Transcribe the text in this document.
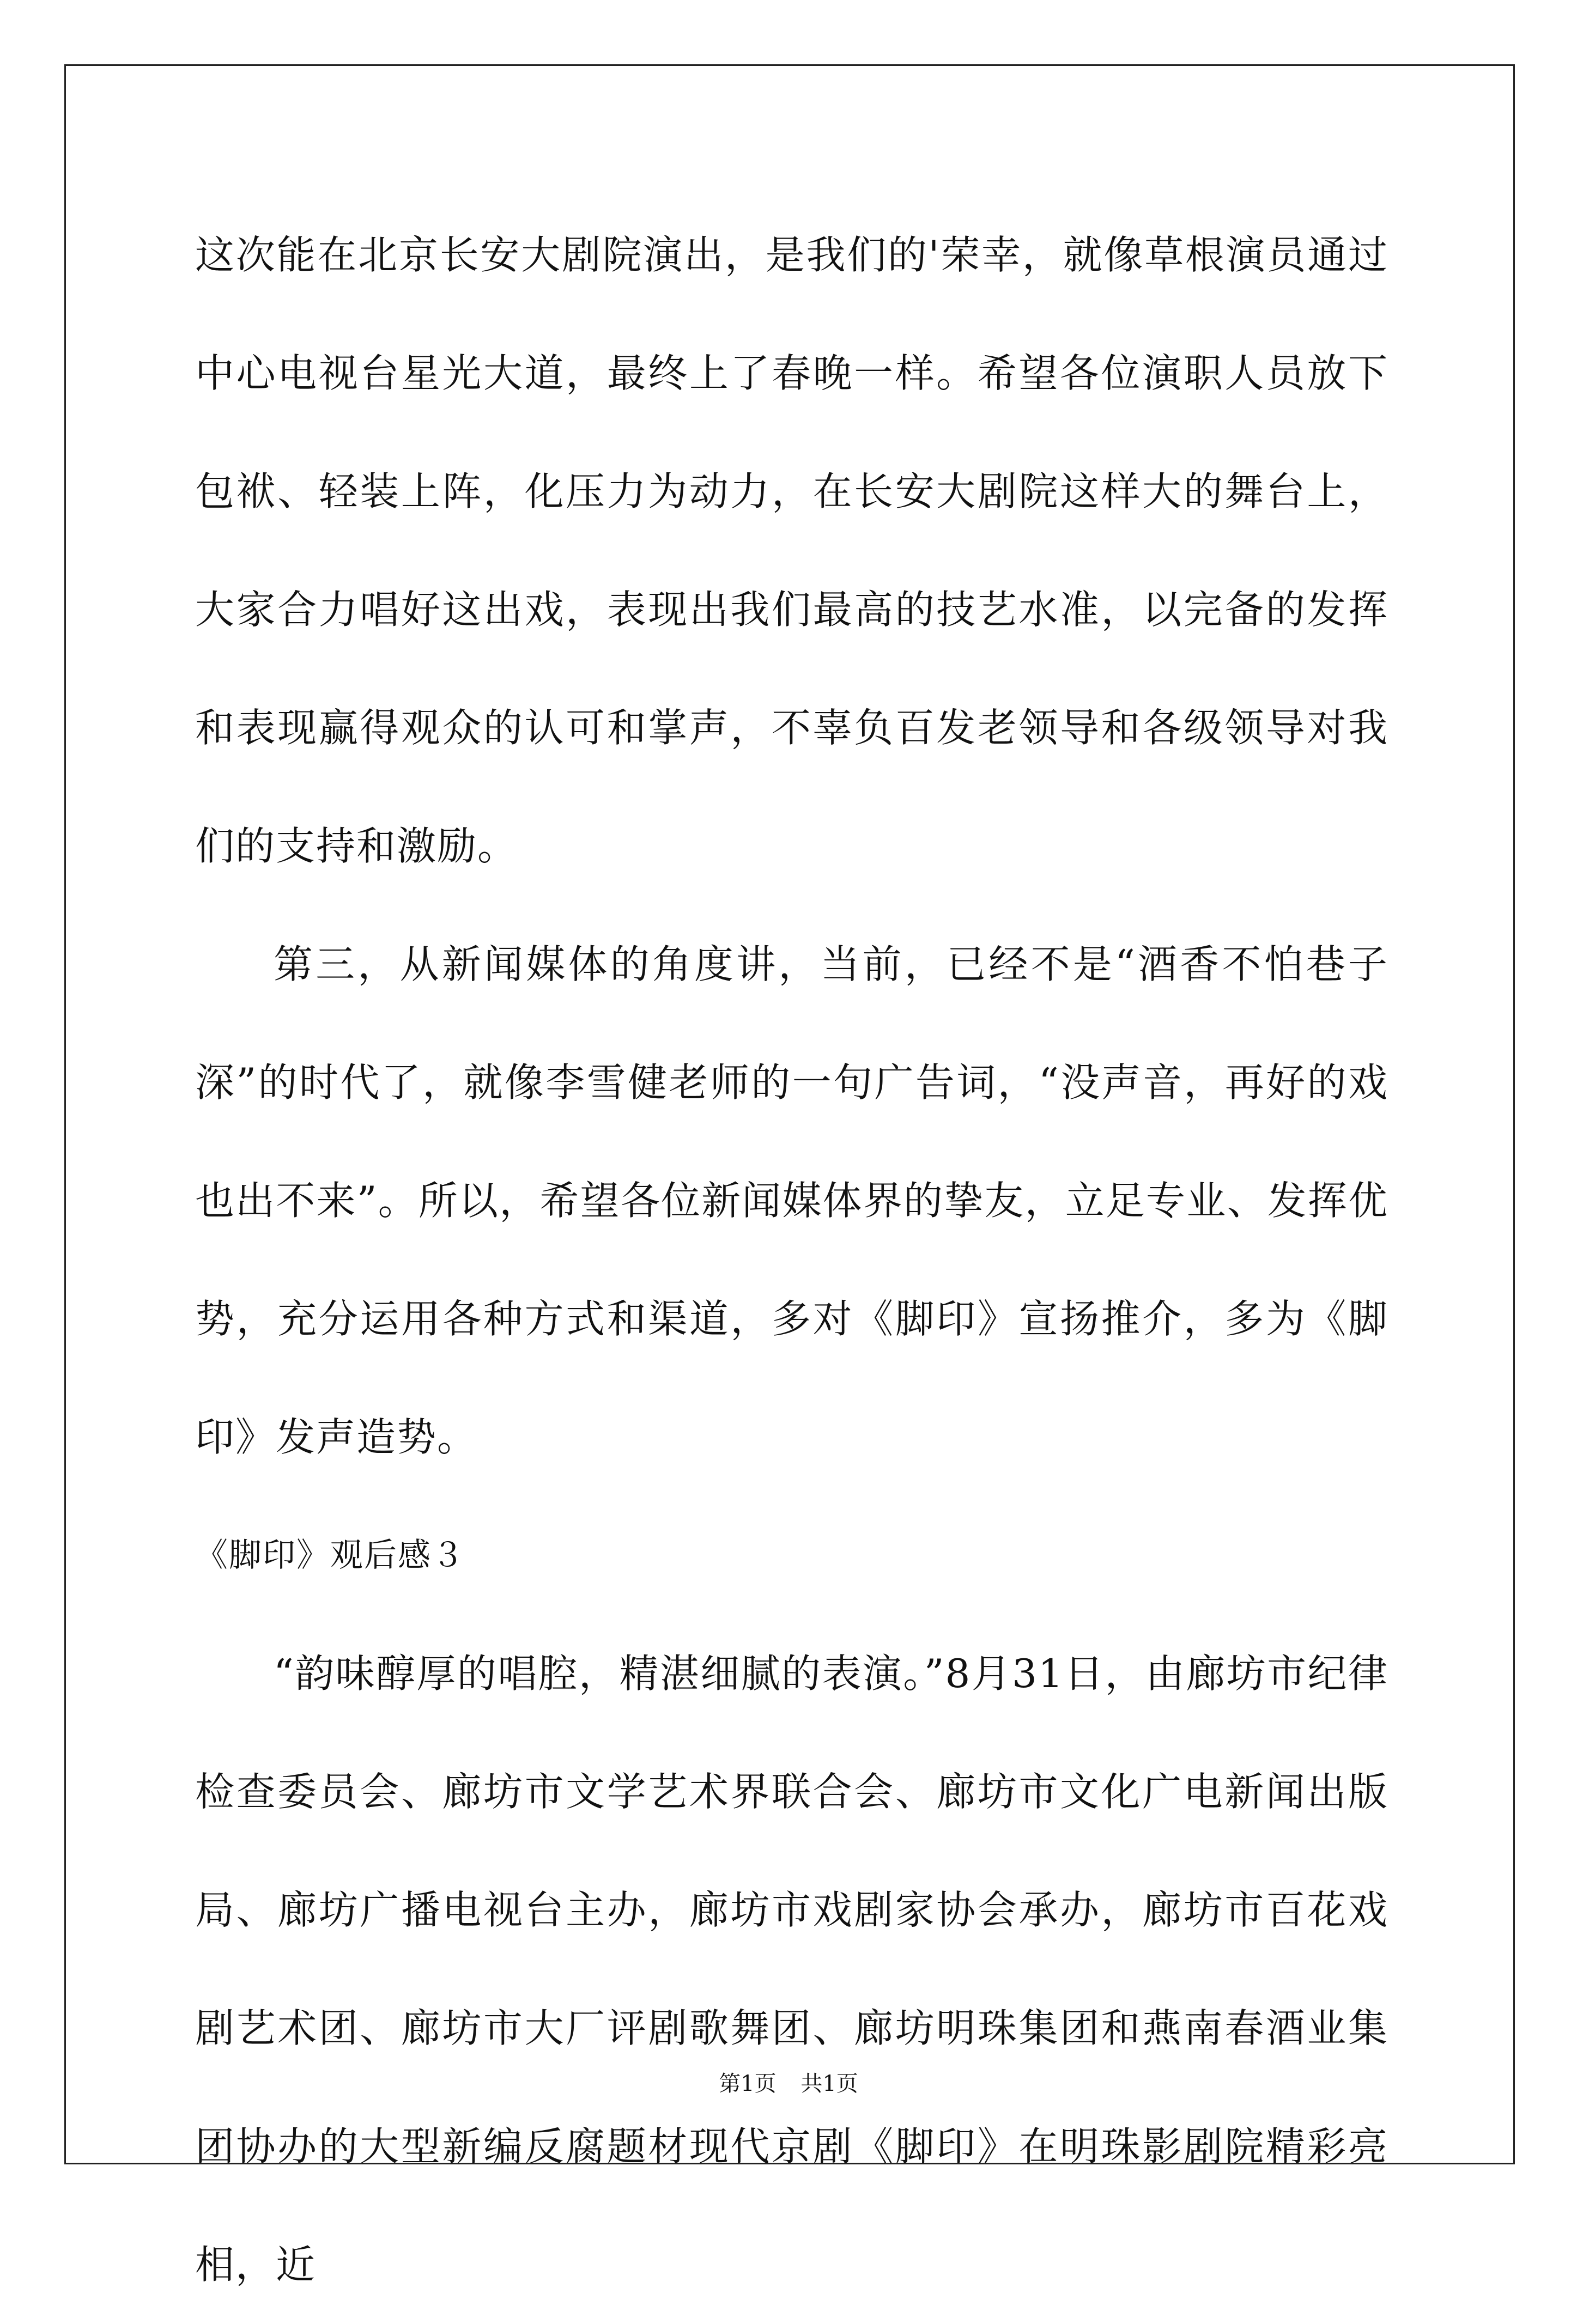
这次能在北京长安大剧院演出，是我们的'荣幸，就像草根演员通过中心电视台星光大道，最终上了春晚一样。希望各位演职人员放下包袱、轻装上阵，化压力为动力，在长安大剧院这样大的舞台上，大家合力唱好这出戏，表现出我们最高的技艺水准，以完备的发挥和表现赢得观众的认可和掌声，不辜负百发老领导和各级领导对我们的支持和激励。

第三，从新闻媒体的角度讲，当前，已经不是“酒香不怕巷子深”的时代了，就像李雪健老师的一句广告词，“没声音，再好的戏也出不来”。所以，希望各位新闻媒体界的挚友，立足专业、发挥优势，充分运用各种方式和渠道，多对《脚印》宣扬推介，多为《脚印》发声造势。

《脚印》观后感３

“韵味醇厚的唱腔，精湛细腻的表演。”8月31日，由廊坊市纪律检查委员会、廊坊市文学艺术界联合会、廊坊市文化广电新闻出版局、廊坊广播电视台主办，廊坊市戏剧家协会承办，廊坊市百花戏剧艺术团、廊坊市大厂评剧歌舞团、廊坊明珠集团和燕南春酒业集团协办的大型新编反腐题材现代京剧《脚印》在明珠影剧院精彩亮相，近

第1页 共1页
